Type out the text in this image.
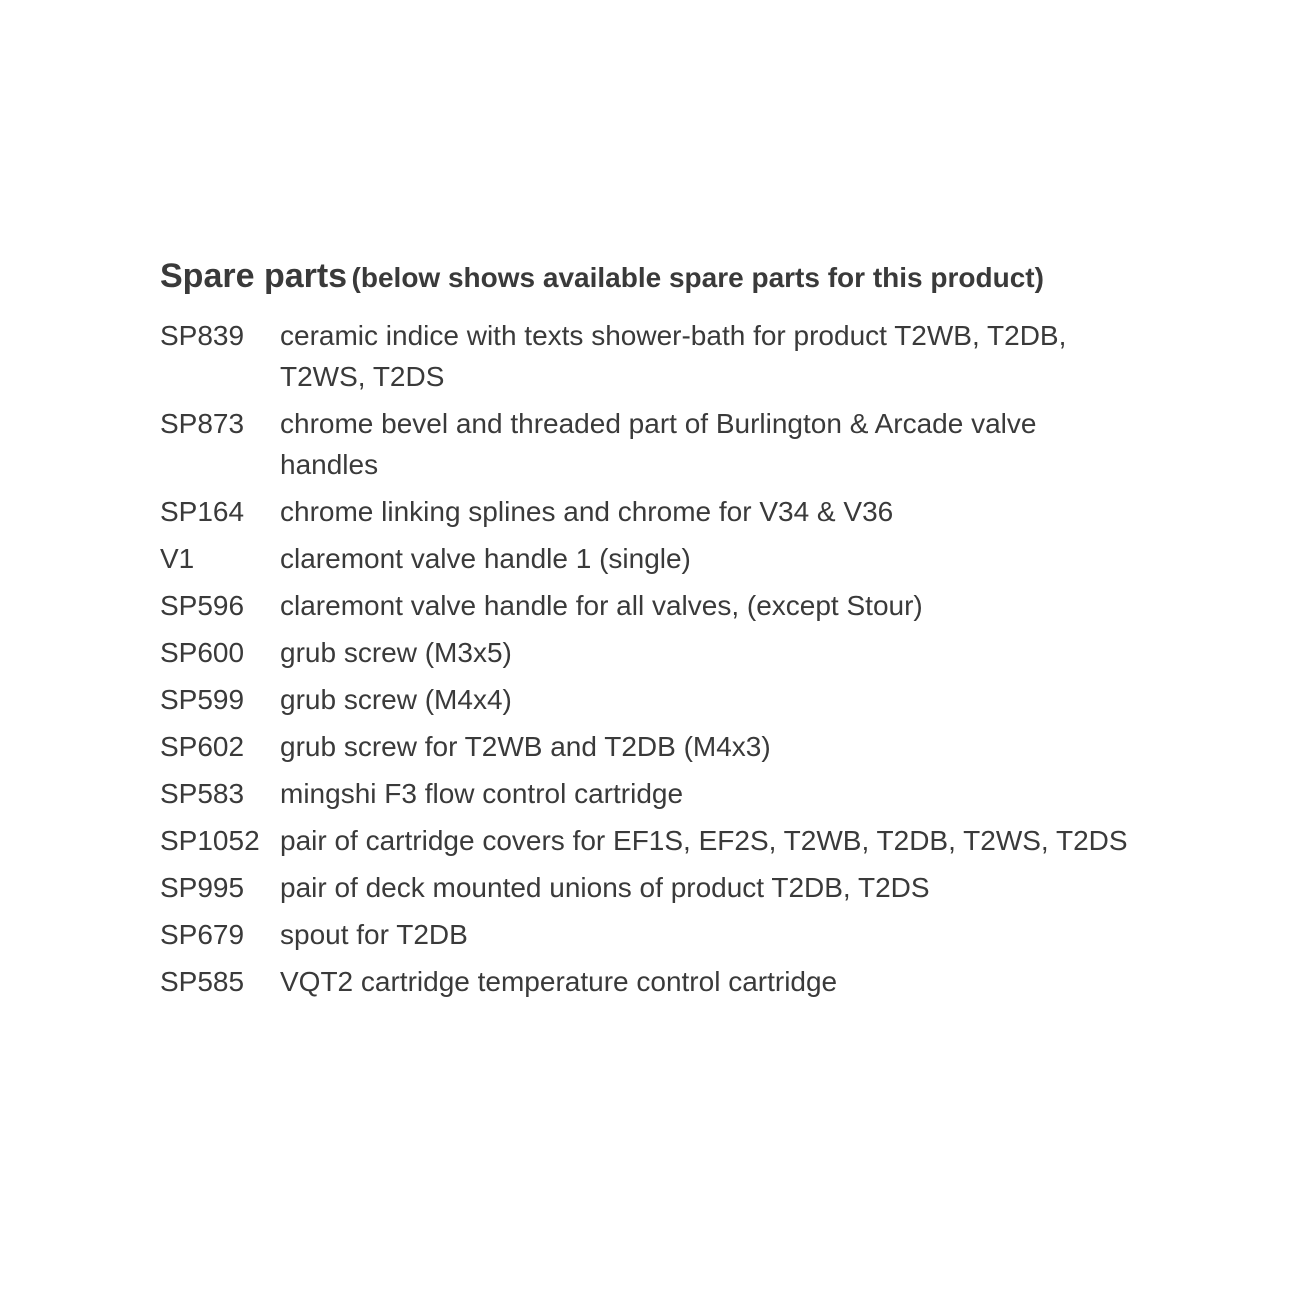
Spare parts (below shows available spare parts for this product)
SP839	ceramic indice with texts shower-bath for product T2WB, T2DB, T2WS, T2DS
SP873	chrome bevel and threaded part of Burlington & Arcade valve handles
SP164	chrome linking splines and chrome for V34 & V36
V1	claremont valve handle 1 (single)
SP596	claremont valve handle for all valves, (except Stour)
SP600	grub screw (M3x5)
SP599	grub screw (M4x4)
SP602	grub screw for T2WB and T2DB (M4x3)
SP583	mingshi F3 flow control cartridge
SP1052	pair of cartridge covers for EF1S, EF2S, T2WB, T2DB, T2WS, T2DS
SP995	pair of deck mounted unions of product T2DB, T2DS
SP679	spout for T2DB
SP585	VQT2 cartridge temperature control cartridge
